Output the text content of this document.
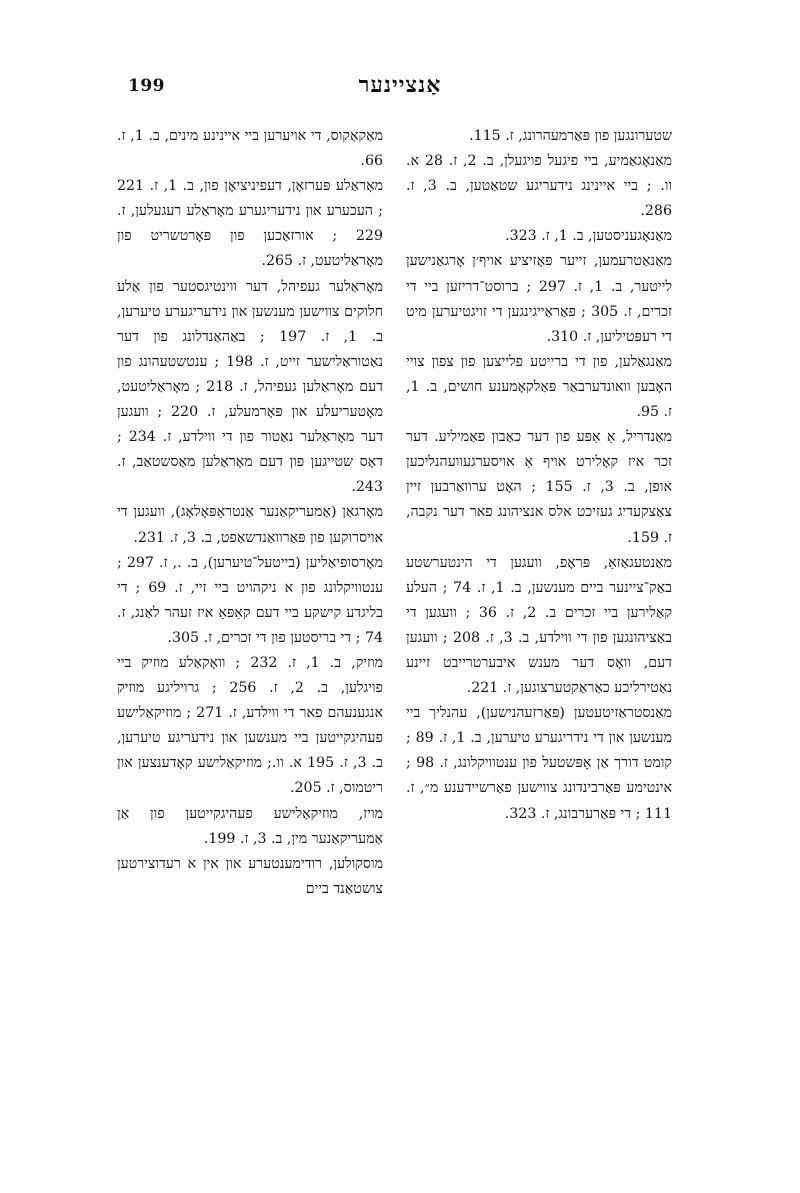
199	אַנציינער

שטערונגען פון פּאַרמעהרונג, ז. 115.

מאַנאָגאַמיע, ביי פיגעל פויגעלן, ב. 2, ז. 28 א. וו. ; ביי איינינג נידעריגע שטאַטען, ב. 3, ז. 286.

מאַנאָגעניסטען, ב. 1, ז. 323.

מאַנאַטרעמען, זייער פּאָזיציע אויף׳ן אָרגאַנישען לייטער, ב. 1, ז. 297 ; ברוסט־דריזען ביי די זכרים, ז. 305 ; פּאַראַייגינגען די זויגטיערען מיט די רעפּטיליען, ז. 310.

מאַנגאַלען, פון די ברייטע פלייצען פון צפון צויי האָבען וואונדערבאַר פּאַלקאָמענע חושים, ב. 1, ז. 95.

מאַנדריל, אַ אַפּע פון דער כאַבון פאַמיליע. דער זכר איז קאָלירט אויף אַ אויסערגעוועהנליכען אופן, ב. 3, ז. 155 ; האָט ערוואַרבען זיין צאַצקעדיג געזיכט אלס אנציהונג פאר דער נקבה, ז. 159.

מאַנטעגאַזאַ, פּראָפ, וועגען די הינטערשטע באַק־ציינער ביים מענשען, ב. 1, ז. 74 ; העלע קאַלירען ביי זכרים ב. 2, ז. 36 ; וועגען די באַציהונגען פון די ווילדע, ב. 3, ז. 208 ; וועגען דעם, וואָס דער מענש איבערטרייבט זיינע נאַטירליכע כאַראַקטערצוגען, ז. 221.

מאַנסטראַזיטעטען (פּאַרזעהנישען), עהנליך ביי מענשען און די נידריגערע טיערען, ב. 1, ז. 89 ; קומט דורך אַן אָפּשטעל פון ענטוויקלונג, ז. 98 ; אינטימע פּאַרבינדונג צווישען פאַרשיידענע מ״, ז. 111 ; די פּאַרערבונג, ז. 323.

מאַקאַקוס, די אויערען ביי איינינע מינים, ב. 1, ז. 66.

מאָראַלע פּערזאָן, דעפיניציאָן פון, ב. 1, ז. 221 ; העכערע און נידעריגערע מאָראַלע רעגעלען, ז. 229 ; אורזאַכען פון פּאָרטשריט פון מאָראַליטעט, ז. 265.

מאָראַלער געפיהל, דער ווינטיגסטער פון אַלע חלוקים צווישען מענשען און נידעריגערע טיערען, ב. 1, ז. 197 ; באַהאַנדלונג פון דער נאַטוראַלישער זייט, ז. 198 ; ענטשטעהונג פון דעם מאָראַלען געפיהל, ז. 218 ; מאָראַליטעט, מאָטעריעלע און פּאָרמעלע, ז. 220 ; וועגען דער מאָראַלער נאַטור פון די ווילדע, ז. 234 ; דאָס שטייגען פון דעם מאָראַלען מאַסשטאַב, ז. 243.

מאָרגאַן (אַמעריקאַנער אַנטראַפּאָלאָג), וועגען די אויסרוקען פון פּאַרוואַנדשאַפט, ב. 3, ז. 231.

מאָרסופיאַליען (בייטעל־טיערען), ב. ., ז. 297 ; ענטוויקלונג פון א ניקהויט ביי זיי, ז. 69 ; די בליגדע קישקע ביי דעם קאַפּאַ איז זעהר לאַנג, ז. 74 ; די בריסטען פון די זכרים, ז. 305.

מוזיק, ב. 1, ז. 232 ; וואָקאַלע מוזיק ביי פויגלען, ב. 2, ז. 256 ; גרויליגע מוזיק אנגענעהם פאר די ווילדע, ז. 271 ; מוזיקאַלישע פעהיגקייטען ביי מענשען און נידעריגע טיערען, ב. 3, ז. 195 א. וו.; מוזיקאַלישע קאָדענצען און ריטמוס, ז. 205.

מויז, מוזיקאַלישע פעהיגקייטען פון אַן אַמעריקאַנער מין, ב. 3, ז. 199.

מוסקולען, רודימענטערע און אין א רעדוצירטען צושטאַנד ביים
